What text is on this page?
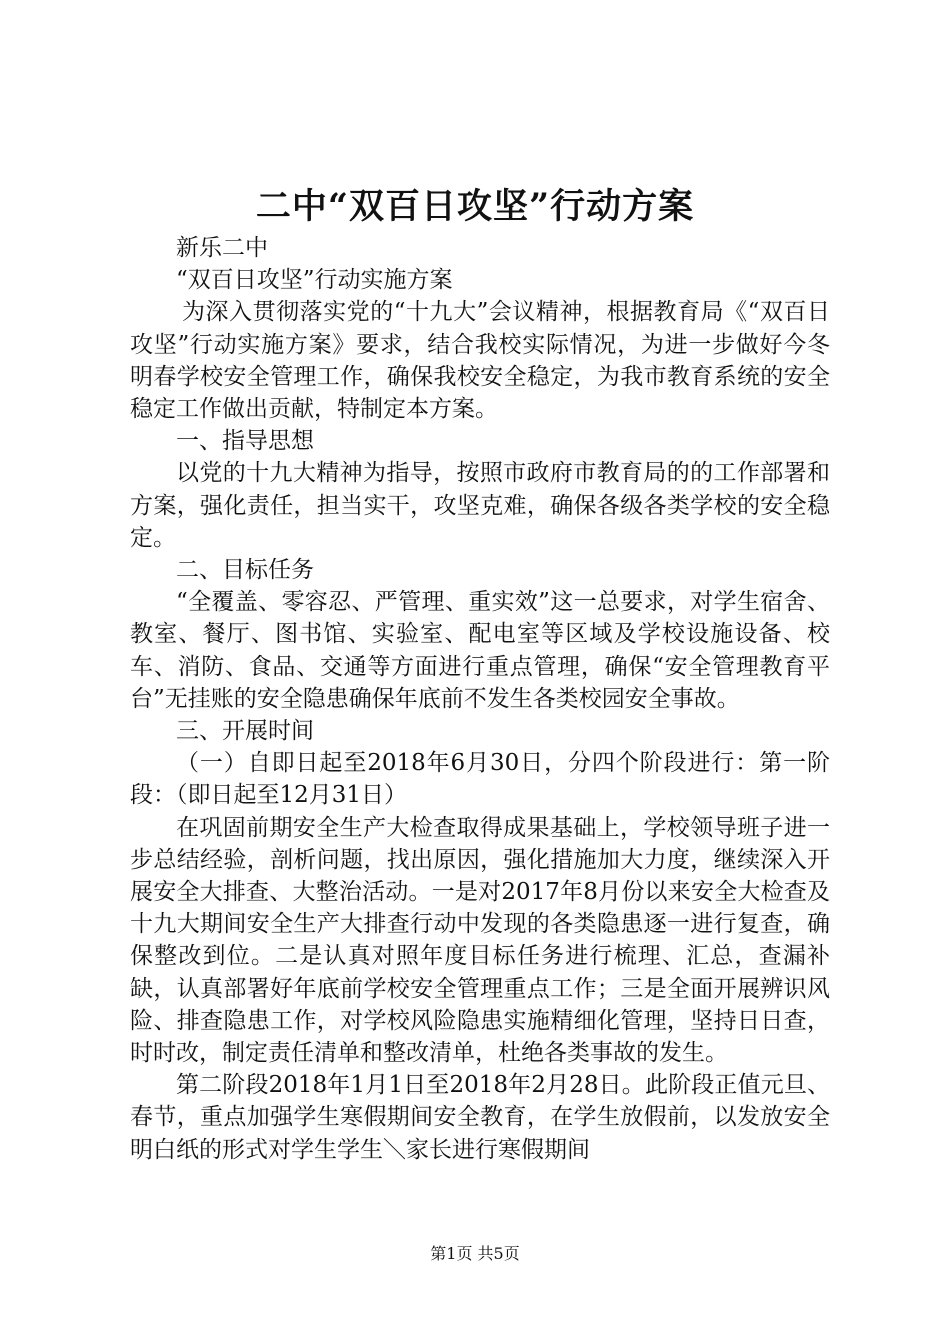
二中“双百日攻坚”行动方案

新乐二中

“双百日攻坚”行动实施方案

为深入贯彻落实党的“十九大”会议精神，根据教育局《“双百日攻坚”行动实施方案》要求，结合我校实际情况，为进一步做好今冬明春学校安全管理工作，确保我校安全稳定，为我市教育系统的安全稳定工作做出贡献，特制定本方案。

一、指导思想

以党的十九大精神为指导，按照市政府市教育局的的工作部署和方案，强化责任，担当实干，攻坚克难，确保各级各类学校的安全稳定。

二、目标任务

“全覆盖、零容忍、严管理、重实效”这一总要求，对学生宿舍、教室、餐厅、图书馆、实验室、配电室等区域及学校设施设备、校车、消防、食品、交通等方面进行重点管理，确保“安全管理教育平台”无挂账的安全隐患确保年底前不发生各类校园安全事故。

三、开展时间

（一）自即日起至2018年6月30日，分四个阶段进行：第一阶段：（即日起至12月31日）

在巩固前期安全生产大检查取得成果基础上，学校领导班子进一步总结经验，剖析问题，找出原因，强化措施加大力度，继续深入开展安全大排查、大整治活动。一是对2017年8月份以来安全大检查及十九大期间安全生产大排查行动中发现的各类隐患逐一进行复查，确保整改到位。二是认真对照年度目标任务进行梳理、汇总，查漏补缺，认真部署好年底前学校安全管理重点工作；三是全面开展辨识风险、排查隐患工作，对学校风险隐患实施精细化管理，坚持日日查，时时改，制定责任清单和整改清单，杜绝各类事故的发生。

第二阶段2018年1月1日至2018年2月28日。此阶段正值元旦、春节，重点加强学生寒假期间安全教育，在学生放假前，以发放安全明白纸的形式对学生学生＼家长进行寒假期间

第1页 共5页
